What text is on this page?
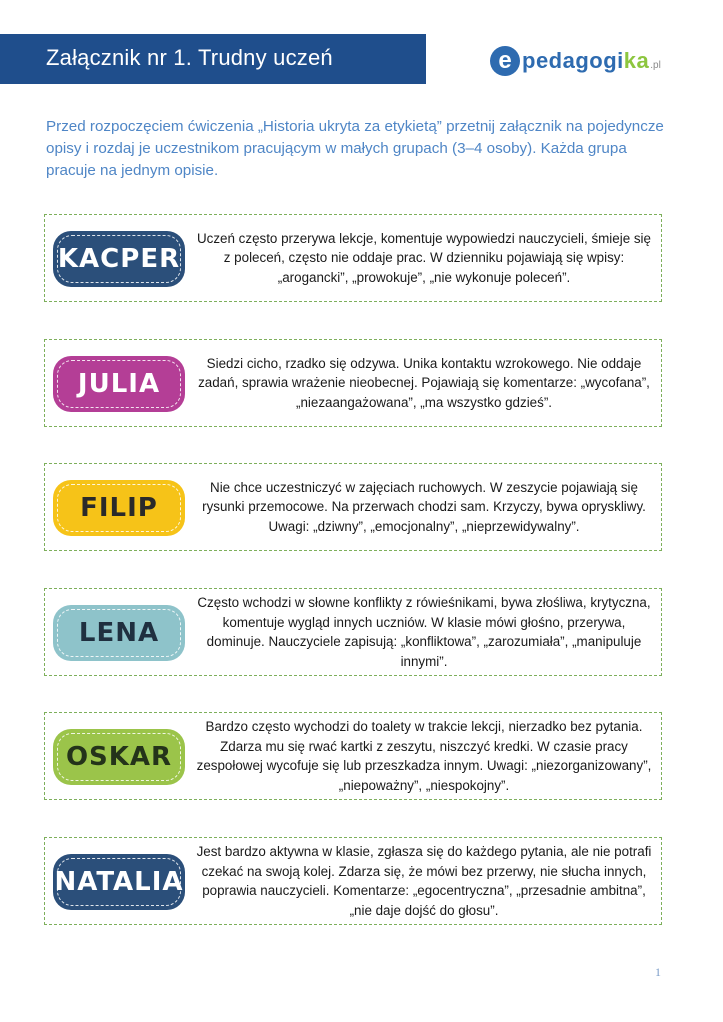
Załącznik nr 1. Trudny uczeń	e pedagogika .pl
Przed rozpoczęciem ćwiczenia „Historia ukryta za etykietą” przetnij załącznik na pojedyncze opisy i rozdaj je uczestnikom pracującym w małych grupach (3–4 osoby). Każda grupa pracuje na jednym opisie.
KACPER
Uczeń często przerywa lekcje, komentuje wypowiedzi nauczycieli, śmieje się z poleceń, często nie oddaje prac. W dzienniku pojawiają się wpisy: „arogancki”, „prowokuje”, „nie wykonuje poleceń”.
JULIA
Siedzi cicho, rzadko się odzywa. Unika kontaktu wzrokowego. Nie oddaje zadań, sprawia wrażenie nieobecnej. Pojawiają się komentarze: „wycofana”, „niezaangażowana”, „ma wszystko gdzieś”.
FILIP
Nie chce uczestniczyć w zajęciach ruchowych. W zeszycie pojawiają się rysunki przemocowe. Na przerwach chodzi sam. Krzyczy, bywa opryskliwy. Uwagi: „dziwny”, „emocjonalny”, „nieprzewidywalny”.
LENA
Często wchodzi w słowne konflikty z rówieśnikami, bywa złośliwa, krytyczna, komentuje wygląd innych uczniów. W klasie mówi głośno, przerywa, dominuje. Nauczyciele zapisują: „konfliktowa”, „zarozumiała”, „manipuluje innymi”.
OSKAR
Bardzo często wychodzi do toalety w trakcie lekcji, nierzadko bez pytania. Zdarza mu się rwać kartki z zeszytu, niszczyć kredki. W czasie pracy zespołowej wycofuje się lub przeszkadza innym. Uwagi: „niezorganizowany”, „niepoważny”, „niespokojny”.
NATALIA
Jest bardzo aktywna w klasie, zgłasza się do każdego pytania, ale nie potrafi czekać na swoją kolej. Zdarza się, że mówi bez przerwy, nie słucha innych, poprawia nauczycieli. Komentarze: „egocentryczna”, „przesadnie ambitna”, „nie daje dojść do głosu”.
1
